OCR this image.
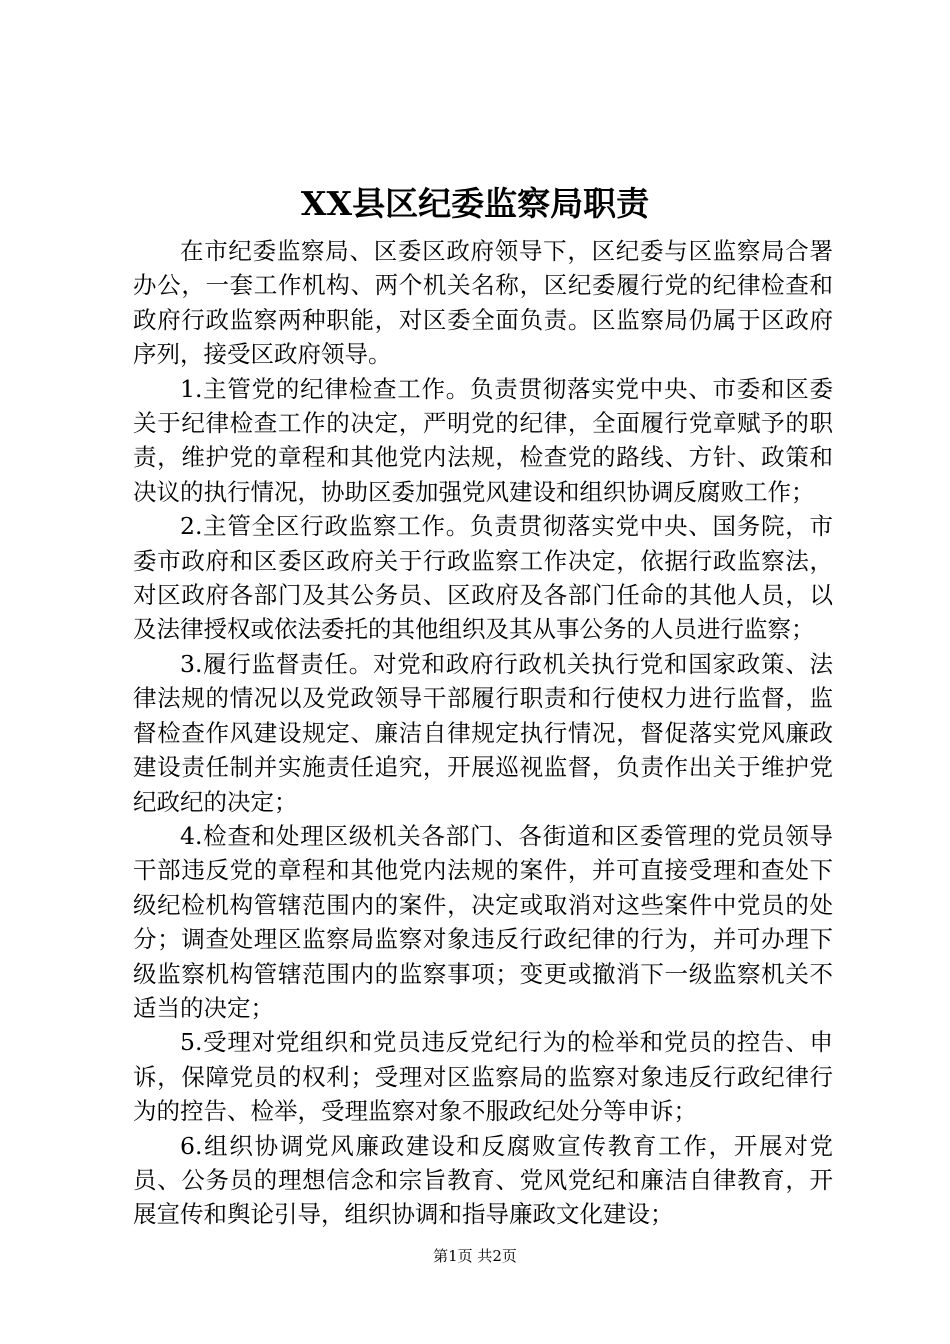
XX县区纪委监察局职责

在市纪委监察局、区委区政府领导下，区纪委与区监察局合署办公，一套工作机构、两个机关名称，区纪委履行党的纪律检查和政府行政监察两种职能，对区委全面负责。区监察局仍属于区政府序列，接受区政府领导。

1.主管党的纪律检查工作。负责贯彻落实党中央、市委和区委关于纪律检查工作的决定，严明党的纪律，全面履行党章赋予的职责，维护党的章程和其他党内法规，检查党的路线、方针、政策和决议的执行情况，协助区委加强党风建设和组织协调反腐败工作；

2.主管全区行政监察工作。负责贯彻落实党中央、国务院，市委市政府和区委区政府关于行政监察工作决定，依据行政监察法，对区政府各部门及其公务员、区政府及各部门任命的其他人员，以及法律授权或依法委托的其他组织及其从事公务的人员进行监察；

3.履行监督责任。对党和政府行政机关执行党和国家政策、法律法规的情况以及党政领导干部履行职责和行使权力进行监督，监督检查作风建设规定、廉洁自律规定执行情况，督促落实党风廉政建设责任制并实施责任追究，开展巡视监督，负责作出关于维护党纪政纪的决定；

4.检查和处理区级机关各部门、各街道和区委管理的党员领导干部违反党的章程和其他党内法规的案件，并可直接受理和查处下级纪检机构管辖范围内的案件，决定或取消对这些案件中党员的处分；调查处理区监察局监察对象违反行政纪律的行为，并可办理下级监察机构管辖范围内的监察事项；变更或撤消下一级监察机关不适当的决定；

5.受理对党组织和党员违反党纪行为的检举和党员的控告、申诉，保障党员的权利；受理对区监察局的监察对象违反行政纪律行为的控告、检举，受理监察对象不服政纪处分等申诉；

6.组织协调党风廉政建设和反腐败宣传教育工作，开展对党员、公务员的理想信念和宗旨教育、党风党纪和廉洁自律教育，开展宣传和舆论引导，组织协调和指导廉政文化建设；

第1页 共2页
